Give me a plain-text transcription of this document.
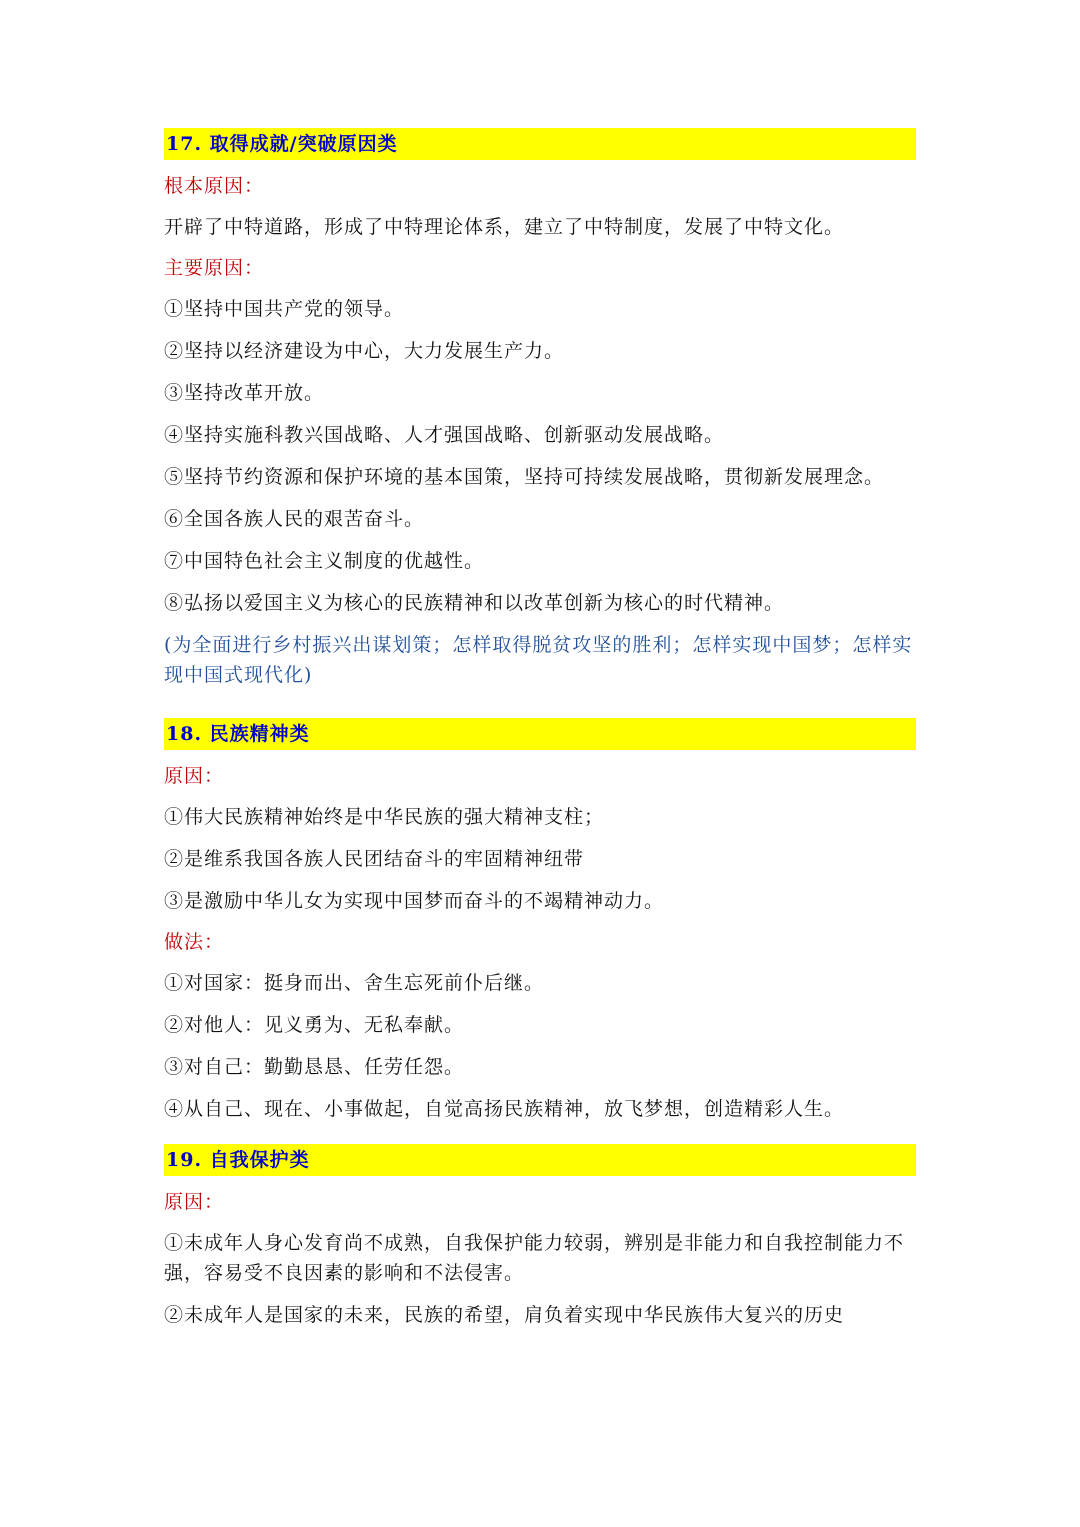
17. 取得成就/突破原因类

根本原因：

开辟了中特道路，形成了中特理论体系，建立了中特制度，发展了中特文化。

主要原因：

①坚持中国共产党的领导。

②坚持以经济建设为中心，大力发展生产力。

③坚持改革开放。

④坚持实施科教兴国战略、人才强国战略、创新驱动发展战略。

⑤坚持节约资源和保护环境的基本国策，坚持可持续发展战略，贯彻新发展理念。

⑥全国各族人民的艰苦奋斗。

⑦中国特色社会主义制度的优越性。

⑧弘扬以爱国主义为核心的民族精神和以改革创新为核心的时代精神。

(为全面进行乡村振兴出谋划策；怎样取得脱贫攻坚的胜利；怎样实现中国梦；怎样实现中国式现代化)

18. 民族精神类

原因：

①伟大民族精神始终是中华民族的强大精神支柱；

②是维系我国各族人民团结奋斗的牢固精神纽带

③是激励中华儿女为实现中国梦而奋斗的不竭精神动力。

做法：

①对国家：挺身而出、舍生忘死前仆后继。

②对他人：见义勇为、无私奉献。

③对自己：勤勤恳恳、任劳任怨。

④从自己、现在、小事做起，自觉高扬民族精神，放飞梦想，创造精彩人生。

19. 自我保护类

原因：

①未成年人身心发育尚不成熟，自我保护能力较弱，辨别是非能力和自我控制能力不强，容易受不良因素的影响和不法侵害。

②未成年人是国家的未来，民族的希望，肩负着实现中华民族伟大复兴的历史
